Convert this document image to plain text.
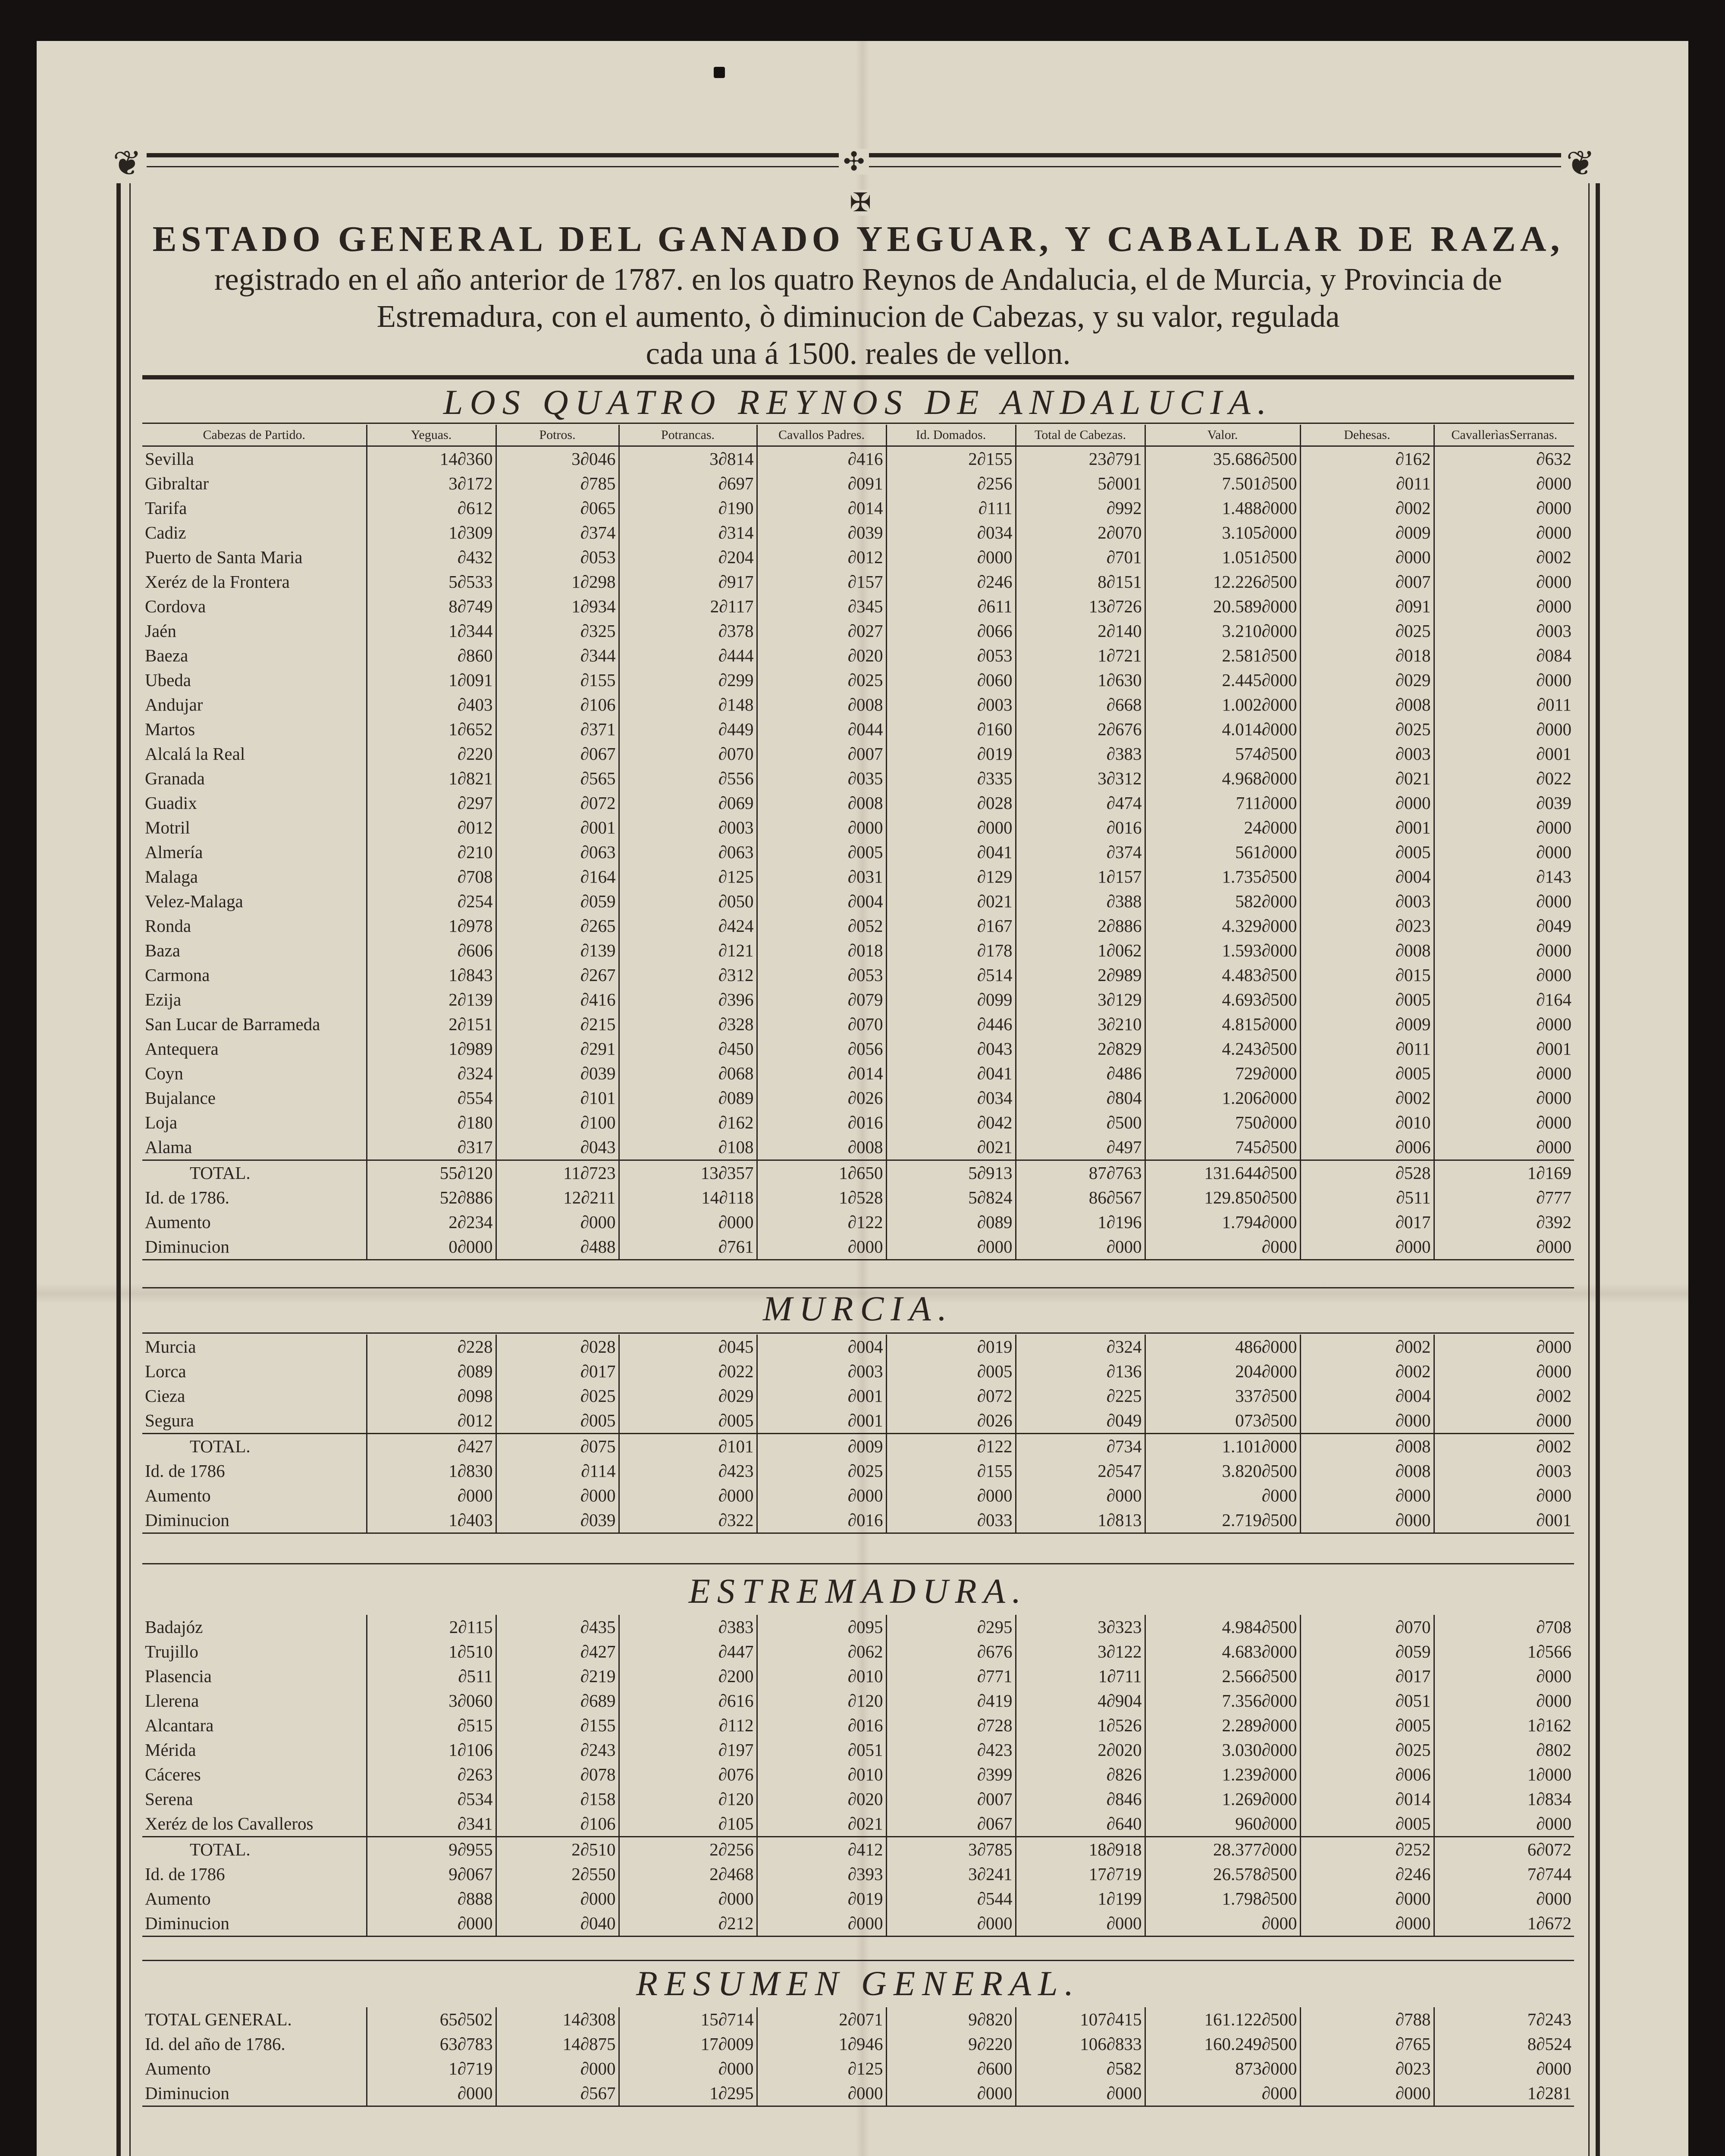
❦	❦
✣
✠
ESTADO GENERAL DEL GANADO YEGUAR, Y CABALLAR DE RAZA,
registrado en el año anterior de 1787. en los quatro Reynos de Andalucia, el de Murcia, y Provincia de
Estremadura, con el aumento, ò diminucion de Cabezas, y su valor, regulada
cada una á 1500. reales de vellon.
LOS QUATRO REYNOS DE ANDALUCIA.
Cabezas de Partido.	Yeguas.	Potros.	Potrancas.	Cavallos Padres.	Id. Domados.	Total de Cabezas.	Valor.	Dehesas.	CavallerìasSerranas.
Sevilla	14∂360	3∂046	3∂814	∂416	2∂155	23∂791	35.686∂500	∂162	∂632
Gibraltar	3∂172	∂785	∂697	∂091	∂256	5∂001	7.501∂500	∂011	∂000
Tarifa	∂612	∂065	∂190	∂014	∂111	∂992	1.488∂000	∂002	∂000
Cadiz	1∂309	∂374	∂314	∂039	∂034	2∂070	3.105∂000	∂009	∂000
Puerto de Santa Maria	∂432	∂053	∂204	∂012	∂000	∂701	1.051∂500	∂000	∂002
Xeréz de la Frontera	5∂533	1∂298	∂917	∂157	∂246	8∂151	12.226∂500	∂007	∂000
Cordova	8∂749	1∂934	2∂117	∂345	∂611	13∂726	20.589∂000	∂091	∂000
Jaén	1∂344	∂325	∂378	∂027	∂066	2∂140	3.210∂000	∂025	∂003
Baeza	∂860	∂344	∂444	∂020	∂053	1∂721	2.581∂500	∂018	∂084
Ubeda	1∂091	∂155	∂299	∂025	∂060	1∂630	2.445∂000	∂029	∂000
Andujar	∂403	∂106	∂148	∂008	∂003	∂668	1.002∂000	∂008	∂011
Martos	1∂652	∂371	∂449	∂044	∂160	2∂676	4.014∂000	∂025	∂000
Alcalá la Real	∂220	∂067	∂070	∂007	∂019	∂383	574∂500	∂003	∂001
Granada	1∂821	∂565	∂556	∂035	∂335	3∂312	4.968∂000	∂021	∂022
Guadix	∂297	∂072	∂069	∂008	∂028	∂474	711∂000	∂000	∂039
Motril	∂012	∂001	∂003	∂000	∂000	∂016	24∂000	∂001	∂000
Almería	∂210	∂063	∂063	∂005	∂041	∂374	561∂000	∂005	∂000
Malaga	∂708	∂164	∂125	∂031	∂129	1∂157	1.735∂500	∂004	∂143
Velez-Malaga	∂254	∂059	∂050	∂004	∂021	∂388	582∂000	∂003	∂000
Ronda	1∂978	∂265	∂424	∂052	∂167	2∂886	4.329∂000	∂023	∂049
Baza	∂606	∂139	∂121	∂018	∂178	1∂062	1.593∂000	∂008	∂000
Carmona	1∂843	∂267	∂312	∂053	∂514	2∂989	4.483∂500	∂015	∂000
Ezija	2∂139	∂416	∂396	∂079	∂099	3∂129	4.693∂500	∂005	∂164
San Lucar de Barrameda	2∂151	∂215	∂328	∂070	∂446	3∂210	4.815∂000	∂009	∂000
Antequera	1∂989	∂291	∂450	∂056	∂043	2∂829	4.243∂500	∂011	∂001
Coyn	∂324	∂039	∂068	∂014	∂041	∂486	729∂000	∂005	∂000
Bujalance	∂554	∂101	∂089	∂026	∂034	∂804	1.206∂000	∂002	∂000
Loja	∂180	∂100	∂162	∂016	∂042	∂500	750∂000	∂010	∂000
Alama	∂317	∂043	∂108	∂008	∂021	∂497	745∂500	∂006	∂000
TOTAL.	55∂120	11∂723	13∂357	1∂650	5∂913	87∂763	131.644∂500	∂528	1∂169
Id. de 1786.	52∂886	12∂211	14∂118	1∂528	5∂824	86∂567	129.850∂500	∂511	∂777
Aumento	2∂234	∂000	∂000	∂122	∂089	1∂196	1.794∂000	∂017	∂392
Diminucion	0∂000	∂488	∂761	∂000	∂000	∂000	∂000	∂000	∂000
MURCIA.
Murcia	∂228	∂028	∂045	∂004	∂019	∂324	486∂000	∂002	∂000
Lorca	∂089	∂017	∂022	∂003	∂005	∂136	204∂000	∂002	∂000
Cieza	∂098	∂025	∂029	∂001	∂072	∂225	337∂500	∂004	∂002
Segura	∂012	∂005	∂005	∂001	∂026	∂049	073∂500	∂000	∂000
TOTAL.	∂427	∂075	∂101	∂009	∂122	∂734	1.101∂000	∂008	∂002
Id. de 1786	1∂830	∂114	∂423	∂025	∂155	2∂547	3.820∂500	∂008	∂003
Aumento	∂000	∂000	∂000	∂000	∂000	∂000	∂000	∂000	∂000
Diminucion	1∂403	∂039	∂322	∂016	∂033	1∂813	2.719∂500	∂000	∂001
ESTREMADURA.
Badajóz	2∂115	∂435	∂383	∂095	∂295	3∂323	4.984∂500	∂070	∂708
Trujillo	1∂510	∂427	∂447	∂062	∂676	3∂122	4.683∂000	∂059	1∂566
Plasencia	∂511	∂219	∂200	∂010	∂771	1∂711	2.566∂500	∂017	∂000
Llerena	3∂060	∂689	∂616	∂120	∂419	4∂904	7.356∂000	∂051	∂000
Alcantara	∂515	∂155	∂112	∂016	∂728	1∂526	2.289∂000	∂005	1∂162
Mérida	1∂106	∂243	∂197	∂051	∂423	2∂020	3.030∂000	∂025	∂802
Cáceres	∂263	∂078	∂076	∂010	∂399	∂826	1.239∂000	∂006	1∂000
Serena	∂534	∂158	∂120	∂020	∂007	∂846	1.269∂000	∂014	1∂834
Xeréz de los Cavalleros	∂341	∂106	∂105	∂021	∂067	∂640	960∂000	∂005	∂000
TOTAL.	9∂955	2∂510	2∂256	∂412	3∂785	18∂918	28.377∂000	∂252	6∂072
Id. de 1786	9∂067	2∂550	2∂468	∂393	3∂241	17∂719	26.578∂500	∂246	7∂744
Aumento	∂888	∂000	∂000	∂019	∂544	1∂199	1.798∂500	∂000	∂000
Diminucion	∂000	∂040	∂212	∂000	∂000	∂000	∂000	∂000	1∂672
RESUMEN GENERAL.
TOTAL GENERAL.	65∂502	14∂308	15∂714	2∂071	9∂820	107∂415	161.122∂500	∂788	7∂243
Id. del año de 1786.	63∂783	14∂875	17∂009	1∂946	9∂220	106∂833	160.249∂500	∂765	8∂524
Aumento	1∂719	∂000	∂000	∂125	∂600	∂582	873∂000	∂023	∂000
Diminucion	∂000	∂567	1∂295	∂000	∂000	∂000	∂000	∂000	1∂281
